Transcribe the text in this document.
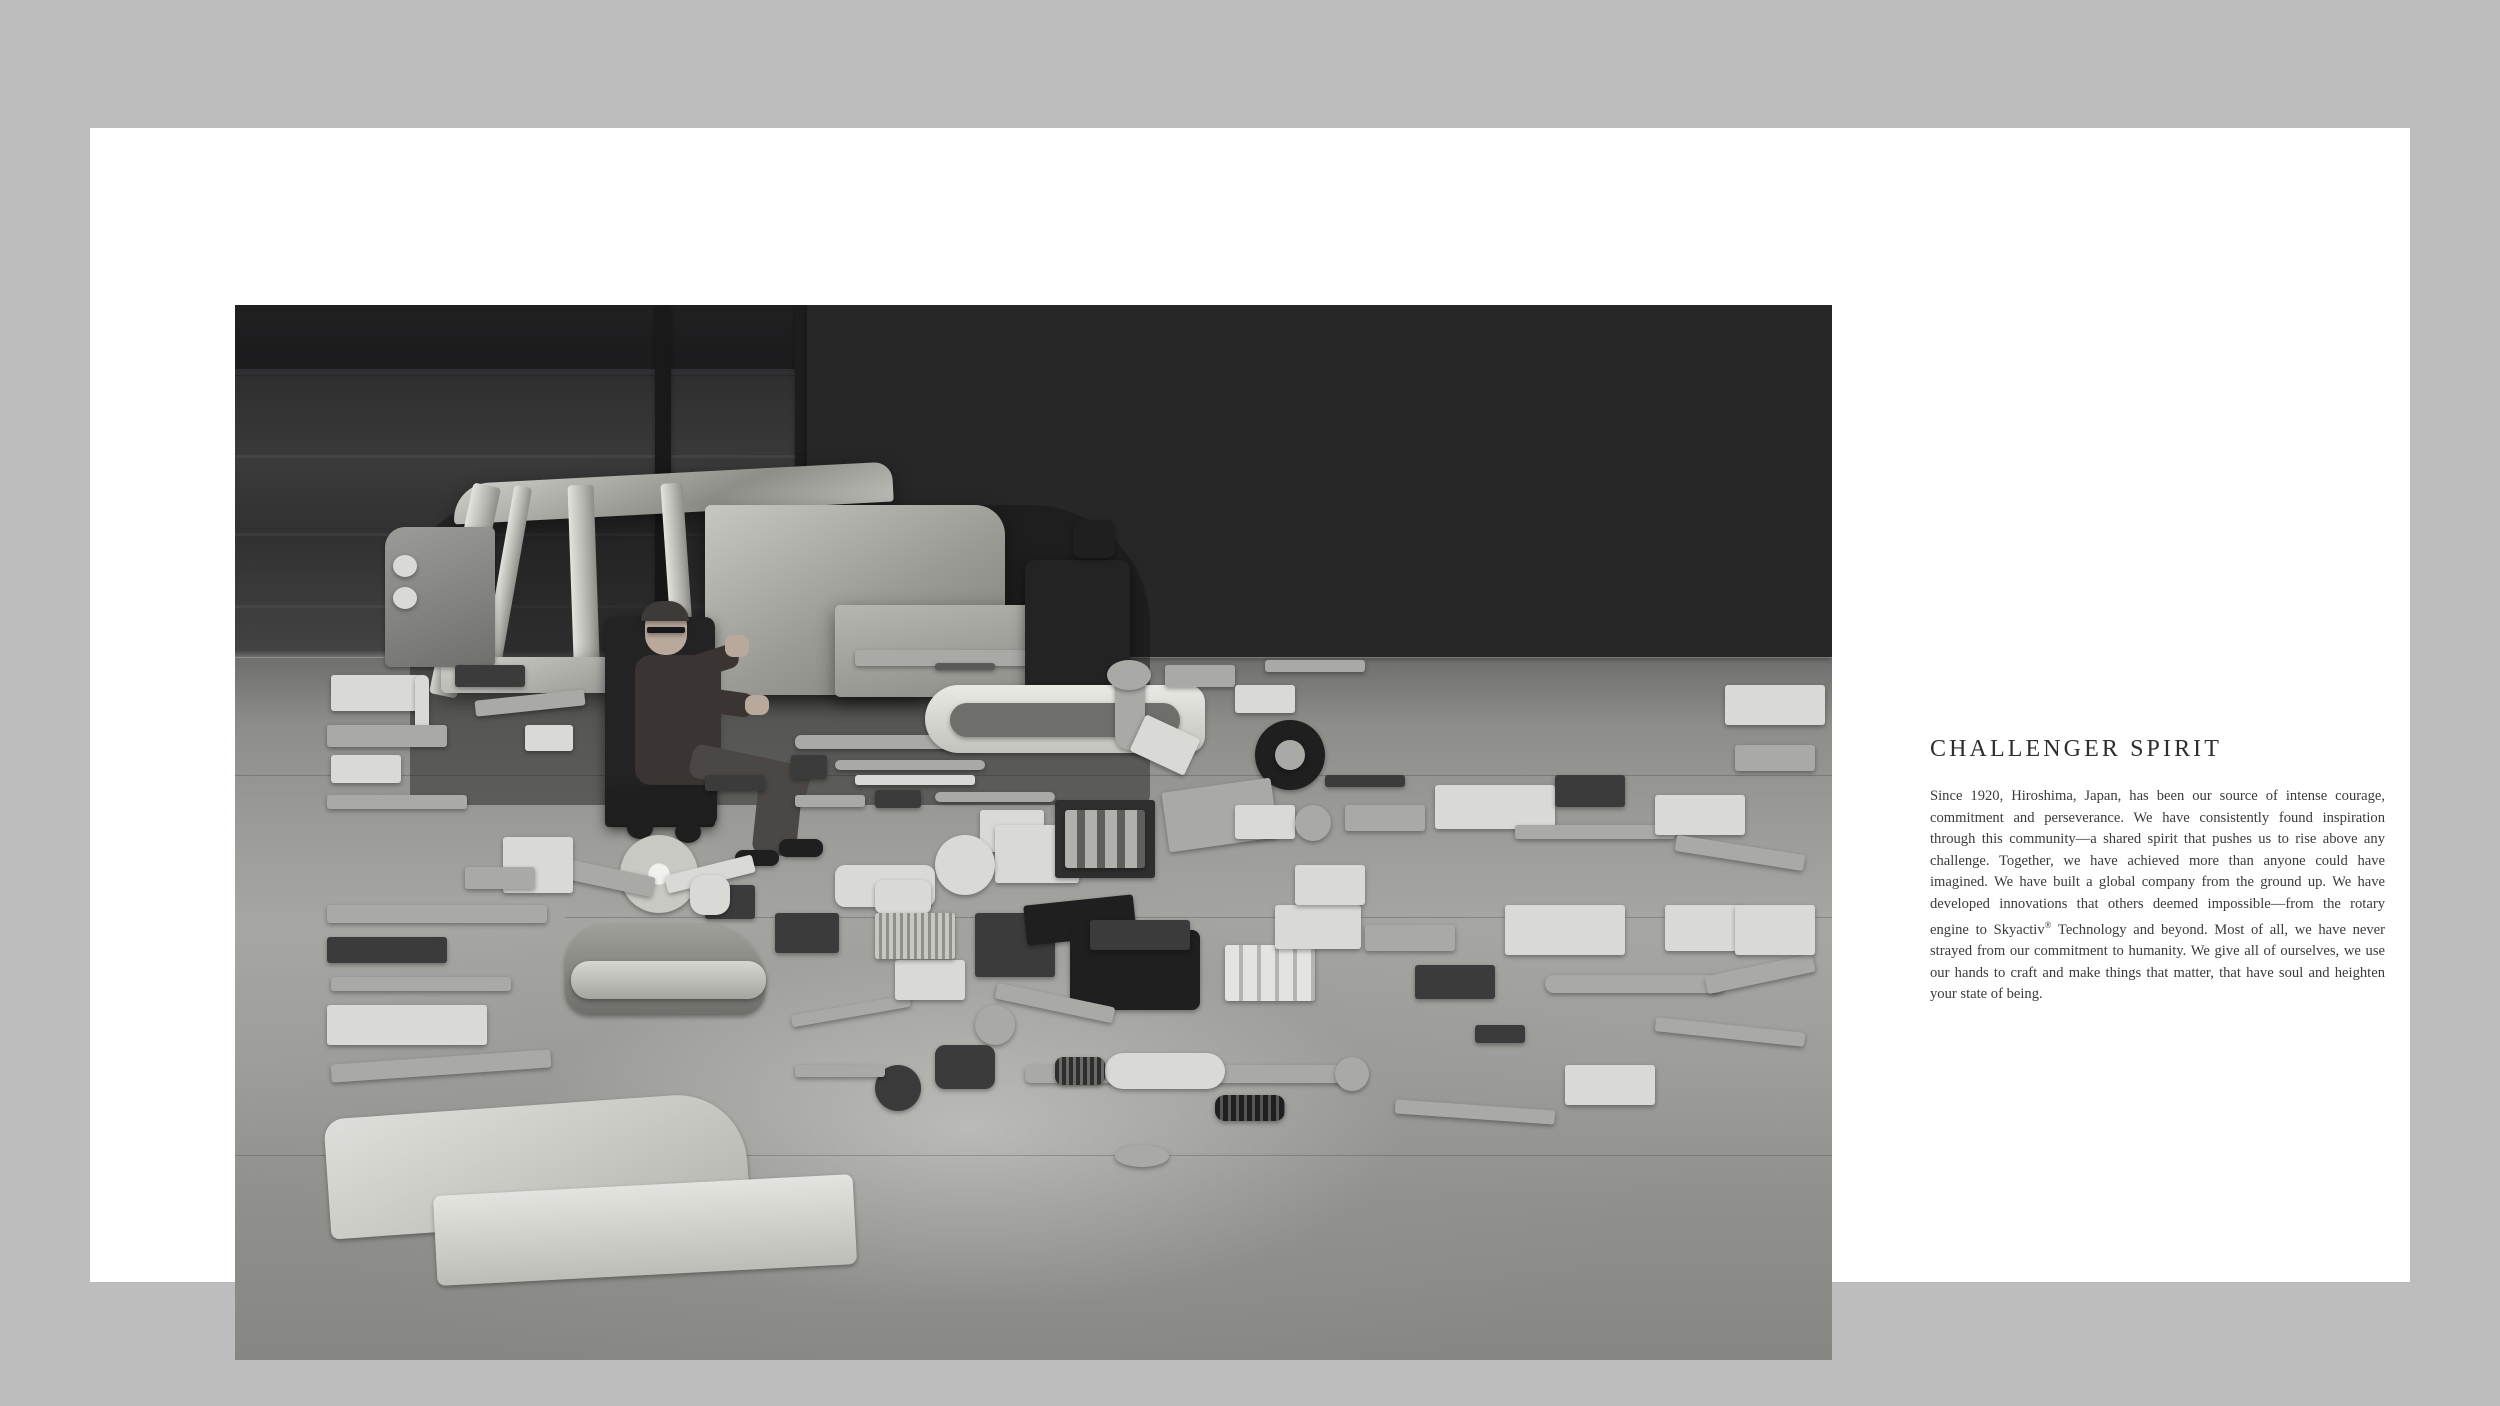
CHALLENGER SPIRIT

Since 1920, Hiroshima, Japan, has been our source of intense courage, commitment and perseverance. We have consistently found inspiration through this community—a shared spirit that pushes us to rise above any challenge. Together, we have achieved more than anyone could have imagined. We have built a global company from the ground up. We have developed innovations that others deemed impossible—from the rotary engine to Skyactiv® Technology and beyond. Most of all, we have never strayed from our commitment to humanity. We give all of ourselves, we use our hands to craft and make things that matter, that have soul and heighten your state of being.
